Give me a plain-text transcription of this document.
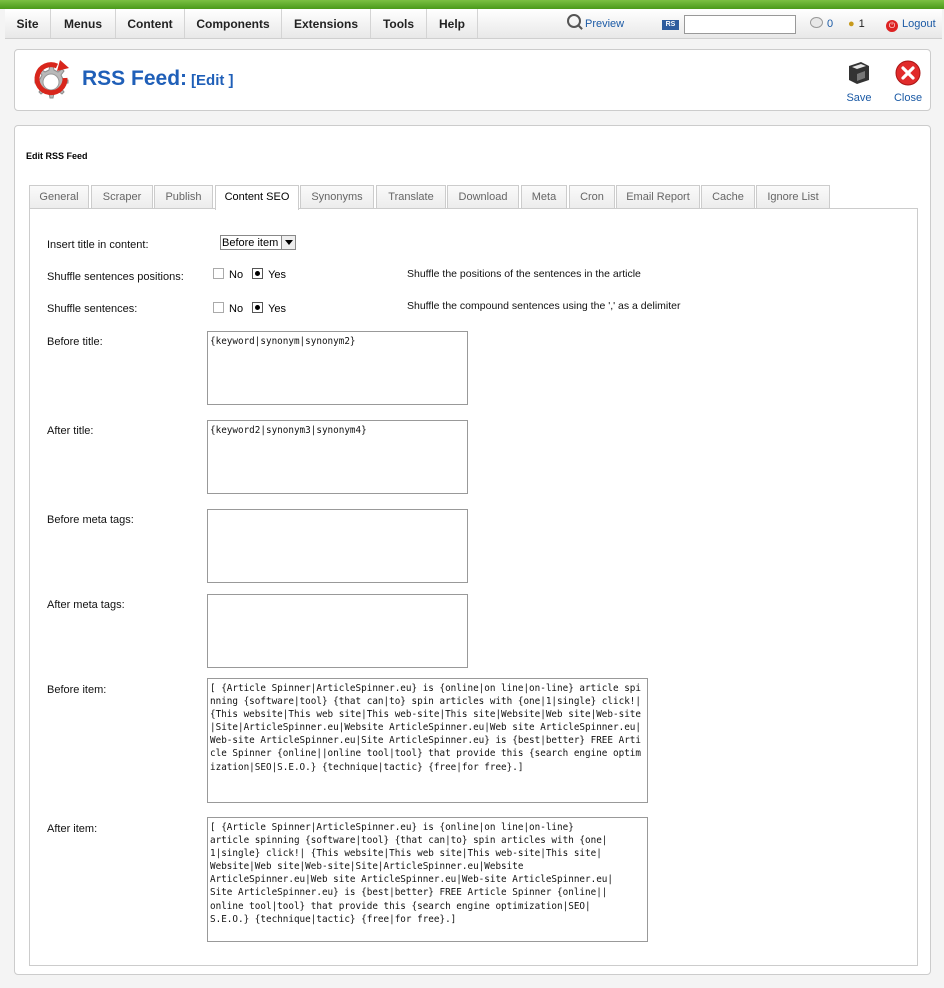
Site	Menus	Content	Components	Extensions	Tools	Help	Preview	RS	0 ● 1	⏻ Logout
RSS Feed: [Edit ]
Save	Close
Edit RSS Feed
General	Scraper	Publish	Content SEO	Synonyms	Translate	Download	Meta	Cron	Email Report	Cache	Ignore List
Insert title in content:	Before item
Shuffle sentences positions:	No Yes	Shuffle the positions of the sentences in the article
Shuffle sentences:	No Yes	Shuffle the compound sentences using the ',' as a delimiter
Before title:	{keyword|synonym|synonym2}
After title:	{keyword2|synonym3|synonym4}
Before meta tags:
After meta tags:
Before item:	[ {Article Spinner|ArticleSpinner.eu} is {online|on line|on-line} article spinning {software|tool} {that can|to} spin articles with {one|1|single} click!| {This website|This web site|This web-site|This site|Website|Web site|Web-site|Site|ArticleSpinner.eu|Website ArticleSpinner.eu|Web site ArticleSpinner.eu|Web-site ArticleSpinner.eu|Site ArticleSpinner.eu} is {best|better} FREE Article Spinner {online||online tool|tool} that provide this {search engine optimization|SEO|S.E.O.} {technique|tactic} {free|for free}.]
After item:	[ {Article Spinner|ArticleSpinner.eu} is {online|on line|on-line}
article spinning {software|tool} {that can|to} spin articles with {one|
1|single} click!| {This website|This web site|This web-site|This site|
Website|Web site|Web-site|Site|ArticleSpinner.eu|Website
ArticleSpinner.eu|Web site ArticleSpinner.eu|Web-site ArticleSpinner.eu|
Site ArticleSpinner.eu} is {best|better} FREE Article Spinner {online||
online tool|tool} that provide this {search engine optimization|SEO|
S.E.O.} {technique|tactic} {free|for free}.]
